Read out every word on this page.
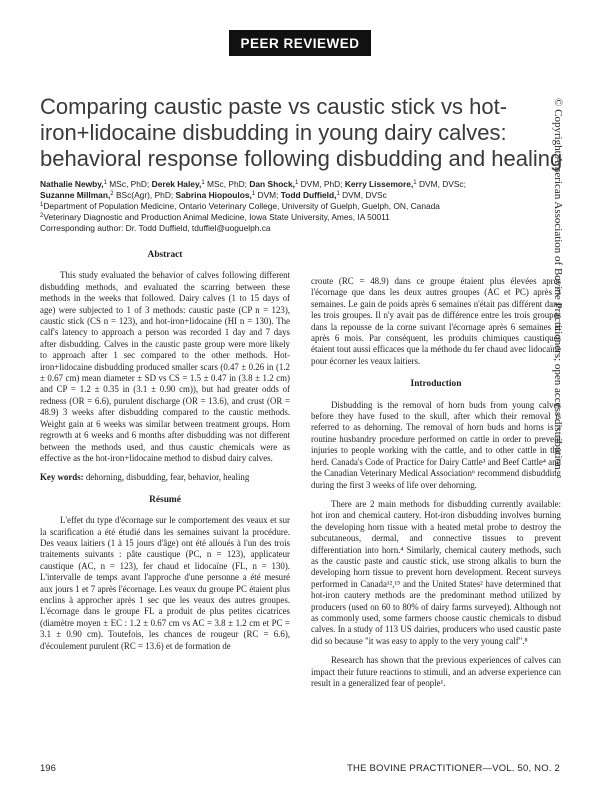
PEER REVIEWED
© Copyright American Association of Bovine Practitioners; open access distribution.
Comparing caustic paste vs caustic stick vs hot-
iron+lidocaine disbudding in young dairy calves:
behavioral response following disbudding and healing
Nathalie Newby,$^1$ MSc, PhD; Derek Haley,$^1$ MSc, PhD; Dan Shock,$^1$ DVM, PhD; Kerry Lissemore,$^1$ DVM, DVSc;
Suzanne Millman,$^2$ BSc(Agr), PhD; Sabrina Hiopoulos,$^1$ DVM; Todd Duffield,$^1$ DVM, DVSc
$^1$Department of Population Medicine, Ontario Veterinary College, University of Guelph, Guelph, ON, Canada
$^2$Veterinary Diagnostic and Production Animal Medicine, Iowa State University, Ames, IA 50011
Corresponding author: Dr. Todd Duffield, tduffiel@uoguelph.ca
Abstract

This study evaluated the behavior of calves following different disbudding methods, and evaluated the scarring between these methods in the weeks that followed. Dairy calves (1 to 15 days of age) were subjected to 1 of 3 methods: caustic paste (CP n = 123), caustic stick (CS n = 123), and hot-iron+lidocaine (HI n = 130). The calf's latency to approach a person was recorded 1 day and 7 days after disbudding. Calves in the caustic paste group were more likely to approach after 1 sec compared to the other methods. Hot-iron+lidocaine disbudding produced smaller scars (0.47 ± 0.26 in (1.2 ± 0.67 cm) mean diameter ± SD vs CS = 1.5 ± 0.47 in (3.8 ± 1.2 cm) and CP = 1.2 ± 0.35 in (3.1 ± 0.90 cm)), but had greater odds of redness (OR = 6.6), purulent discharge (OR = 13.6), and crust (OR = 48.9) 3 weeks after disbudding compared to the caustic methods. Weight gain at 6 weeks was similar between treatment groups. Horn regrowth at 6 weeks and 6 months after disbudding was not different between the methods used, and thus caustic chemicals were as effective as the hot-iron+lidocaine method to disbud dairy calves.

Key words: dehorning, disbudding, fear, behavior, healing

Résumé

L'effet du type d'écornage sur le comportement des veaux et sur la scarification a été étudié dans les semaines suivant la procédure. Des veaux laitiers (1 à 15 jours d'âge) ont été alloués à l'un des trois traitements suivants : pâte caustique (PC, n = 123), applicateur caustique (AC, n = 123), fer chaud et lidocaïne (FL, n = 130). L'intervalle de temps avant l'approche d'une personne a été mesuré aux jours 1 et 7 après l'écornage. Les veaux du groupe PC étaient plus enclins à approcher après 1 sec que les veaux des autres groupes. L'écornage dans le groupe FL a produit de plus petites cicatrices (diamètre moyen ± EC : 1.2 ± 0.67 cm vs AC = 3.8 ± 1.2 cm et PC = 3.1 ± 0.90 cm). Toutefois, les chances de rougeur (RC = 6.6), d'écoulement purulent (RC = 13.6) et de formation de

croute (RC = 48.9) dans ce groupe étaient plus élevées après l'écornage que dans les deux autres groupes (AC et PC) après 3 semaines. Le gain de poids après 6 semaines n'était pas différent dans les trois groupes. Il n'y avait pas de différence entre les trois groupes dans la repousse de la corne suivant l'écornage après 6 semaines et après 6 mois. Par conséquent, les produits chimiques caustiques étaient tout aussi efficaces que la méthode du fer chaud avec lidocaïne pour écorner les veaux laitiers.

Introduction

Disbudding is the removal of horn buds from young calves before they have fused to the skull, after which their removal is referred to as dehorning. The removal of horn buds and horns is a routine husbandry procedure performed on cattle in order to prevent injuries to people working with the cattle, and to other cattle in the herd. Canada's Code of Practice for Dairy Cattle³ and Beef Cattle⁴ and the Canadian Veterinary Medical Association⁶ recommend disbudding during the first 3 weeks of life over dehorning.

There are 2 main methods for disbudding currently available: hot iron and chemical cautery. Hot-iron disbudding involves burning the developing horn tissue with a heated metal probe to destroy the subcutaneous, dermal, and connective tissues to prevent differentiation into horn.⁴ Similarly, chemical cautery methods, such as the caustic paste and caustic stick, use strong alkalis to burn the developing horn tissue to prevent horn development. Recent surveys performed in Canada¹²,¹⁵ and the United States² have determined that hot-iron cautery methods are the predominant method utilized by producers (used on 60 to 80% of dairy farms surveyed). Although not as commonly used, some farmers choose caustic chemicals to disbud calves. In a study of 113 US dairies, producers who used caustic paste did so because "it was easy to apply to the very young calf".⁸

Research has shown that the previous experiences of calves can impact their future reactions to stimuli, and an adverse experience can result in a generalized fear of people¹.

196	THE BOVINE PRACTITIONER—VOL. 50, NO. 2
